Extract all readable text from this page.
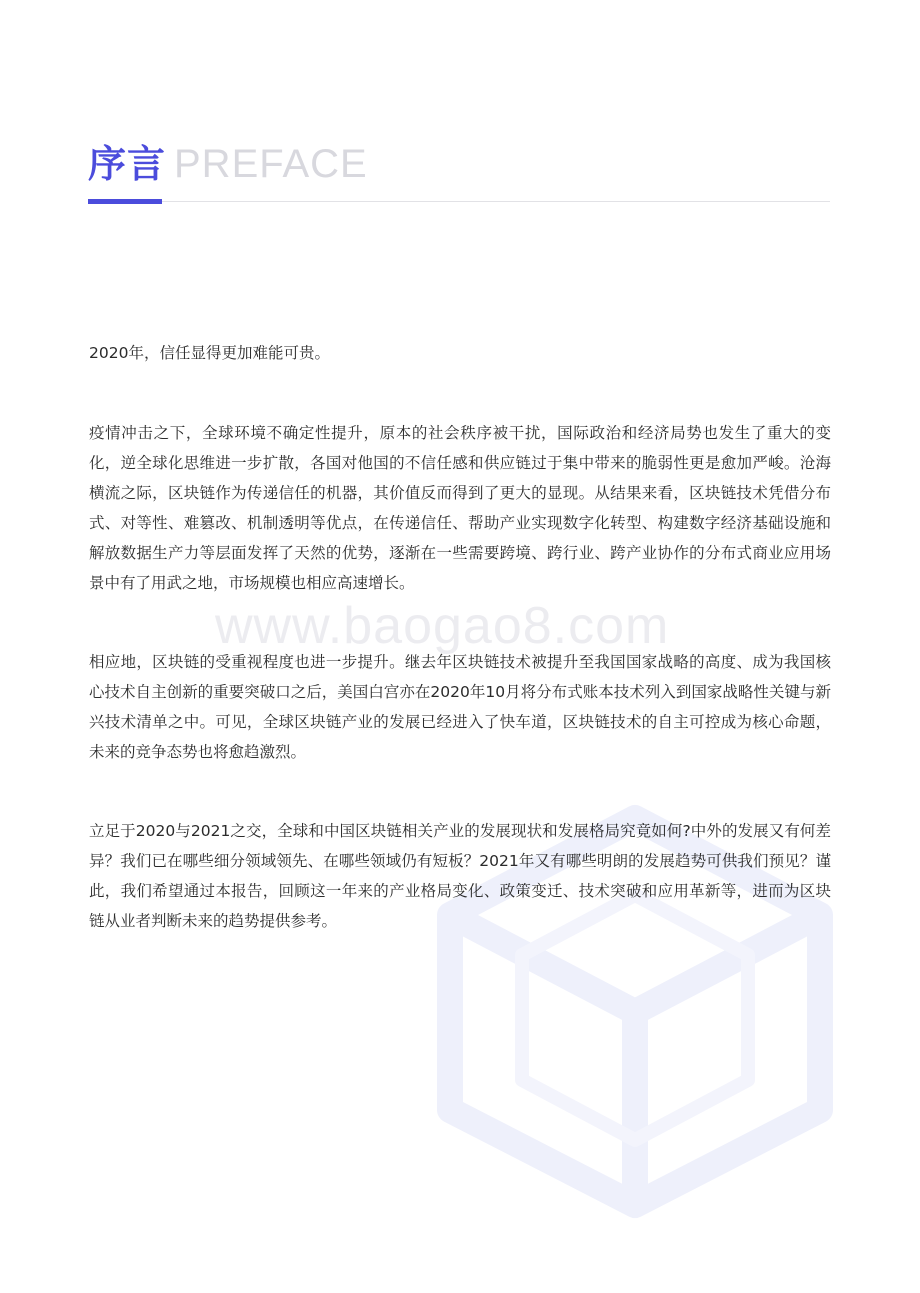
www.baogao8.com
序言 PREFACE

2020年，信任显得更加难能可贵。

疫情冲击之下，全球环境不确定性提升，原本的社会秩序被干扰，国际政治和经济局势也发生了重大的变化，逆全球化思维进一步扩散，各国对他国的不信任感和供应链过于集中带来的脆弱性更是愈加严峻。沧海横流之际，区块链作为传递信任的机器，其价值反而得到了更大的显现。从结果来看，区块链技术凭借分布式、对等性、难篡改、机制透明等优点，在传递信任、帮助产业实现数字化转型、构建数字经济基础设施和解放数据生产力等层面发挥了天然的优势，逐渐在一些需要跨境、跨行业、跨产业协作的分布式商业应用场景中有了用武之地，市场规模也相应高速增长。

相应地，区块链的受重视程度也进一步提升。继去年区块链技术被提升至我国国家战略的高度、成为我国核心技术自主创新的重要突破口之后，美国白宫亦在2020年10月将分布式账本技术列入到国家战略性关键与新兴技术清单之中。可见，全球区块链产业的发展已经进入了快车道，区块链技术的自主可控成为核心命题，未来的竞争态势也将愈趋激烈。

立足于2020与2021之交，全球和中国区块链相关产业的发展现状和发展格局究竟如何?中外的发展又有何差异？我们已在哪些细分领域领先、在哪些领域仍有短板？2021年又有哪些明朗的发展趋势可供我们预见？谨此，我们希望通过本报告，回顾这一年来的产业格局变化、政策变迁、技术突破和应用革新等，进而为区块链从业者判断未来的趋势提供参考。
